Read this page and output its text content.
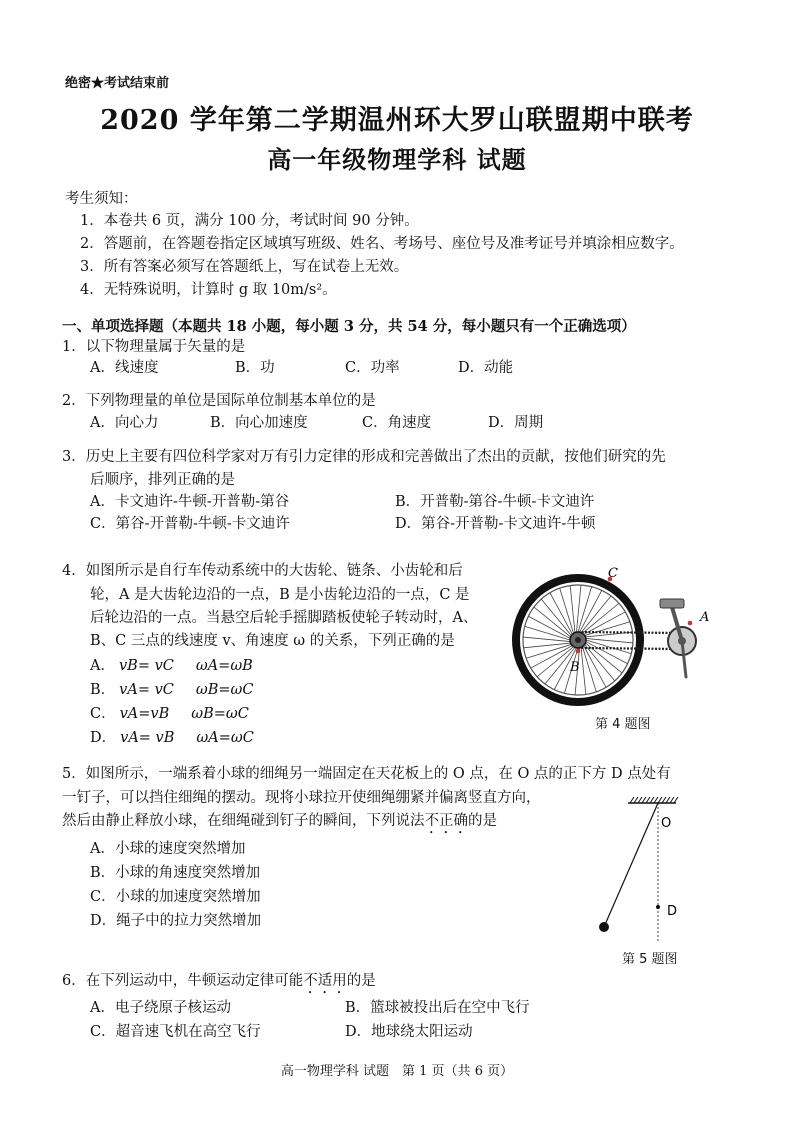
绝密★考试结束前
2020 学年第二学期温州环大罗山联盟期中联考
高一年级物理学科 试题
考生须知：
1．本卷共 6 页，满分 100 分，考试时间 90 分钟。
2．答题前，在答题卷指定区域填写班级、姓名、考场号、座位号及准考证号并填涂相应数字。
3．所有答案必须写在答题纸上，写在试卷上无效。
4．无特殊说明，计算时 g 取 10m/s²。
一、单项选择题（本题共 18 小题，每小题 3 分，共 54 分，每小题只有一个正确选项）
1．以下物理量属于矢量的是
A．线速度	B．功	C．功率	D．动能
2．下列物理量的单位是国际单位制基本单位的是
A．向心力	B．向心加速度	C．角速度	D．周期
3．历史上主要有四位科学家对万有引力定律的形成和完善做出了杰出的贡献，按他们研究的先
后顺序，排列正确的是
A．卡文迪许-牛顿-开普勒-第谷	B．开普勒-第谷-牛顿-卡文迪许
C．第谷-开普勒-牛顿-卡文迪许	D．第谷-开普勒-卡文迪许-牛顿
4．如图所示是自行车传动系统中的大齿轮、链条、小齿轮和后
轮，A 是大齿轮边沿的一点，B 是小齿轮边沿的一点，C 是
后轮边沿的一点。当悬空后轮手摇脚踏板使轮子转动时，A、
B、C 三点的线速度 v、角速度 ω 的关系，下列正确的是
A． vB= vC ωA=ωB
B． vA= vC ωB=ωC
C． vA=vB ωB=ωC
D． vA= vB ωA=ωC
C
B
A
第 4 题图
5．如图所示，一端系着小球的细绳另一端固定在天花板上的 O 点，在 O 点的正下方 D 点处有
一钉子，可以挡住细绳的摆动。现将小球拉开使细绳绷紧并偏离竖直方向，
然后由静止释放小球，在细绳碰到钉子的瞬间，下列说法不正确的是
A．小球的速度突然增加
B．小球的角速度突然增加
C．小球的加速度突然增加
D．绳子中的拉力突然增加
O
D
第 5 题图
6．在下列运动中，牛顿运动定律可能不适用的是
A．电子绕原子核运动	B．篮球被投出后在空中飞行
C．超音速飞机在高空飞行	D．地球绕太阳运动
高一物理学科 试题　第 1 页（共 6 页）
